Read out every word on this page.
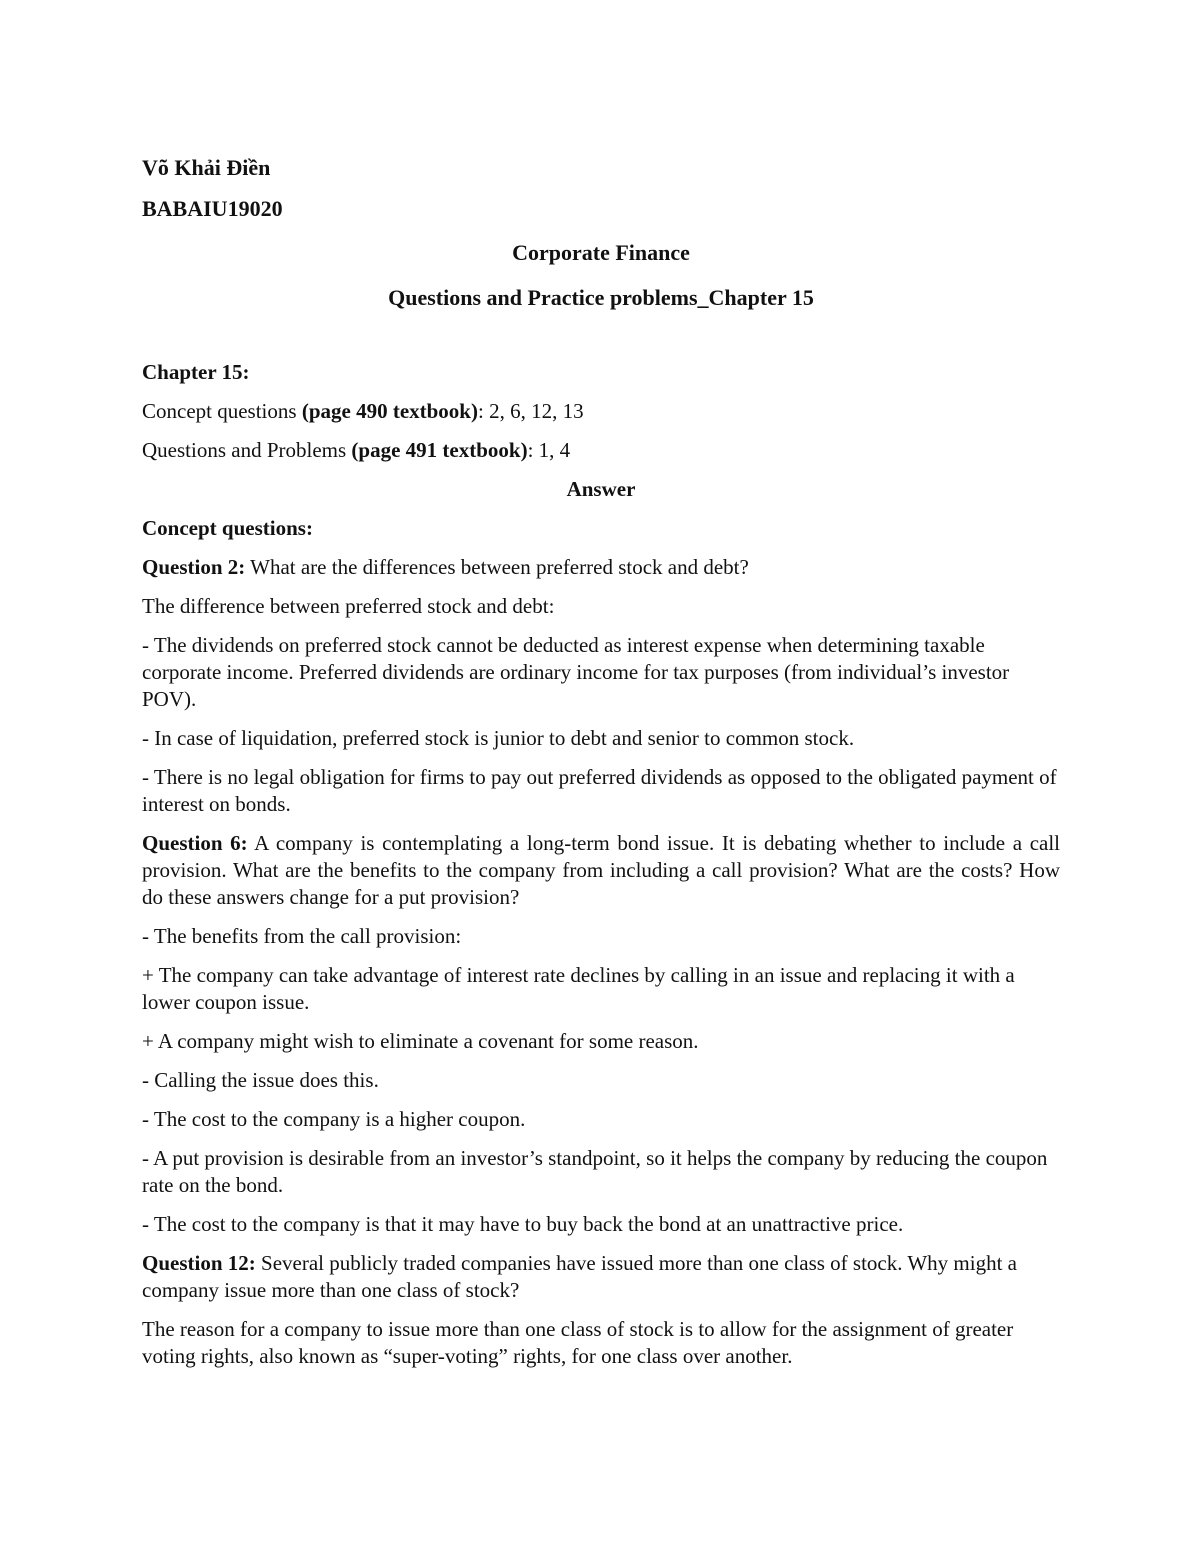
Võ Khải Điền

BABAIU19020

Corporate Finance

Questions and Practice problems_Chapter 15

Chapter 15:

Concept questions (page 490 textbook): 2, 6, 12, 13

Questions and Problems (page 491 textbook): 1, 4

Answer

Concept questions:

Question 2: What are the differences between preferred stock and debt?

The difference between preferred stock and debt:

- The dividends on preferred stock cannot be deducted as interest expense when determining taxable corporate income. Preferred dividends are ordinary income for tax purposes (from individual’s investor POV).

- In case of liquidation, preferred stock is junior to debt and senior to common stock.

- There is no legal obligation for firms to pay out preferred dividends as opposed to the obligated payment of interest on bonds.

Question 6: A company is contemplating a long-term bond issue. It is debating whether to include a call provision. What are the benefits to the company from including a call provision? What are the costs? How do these answers change for a put provision?

- The benefits from the call provision:

+ The company can take advantage of interest rate declines by calling in an issue and replacing it with a lower coupon issue.

+ A company might wish to eliminate a covenant for some reason.

- Calling the issue does this.

- The cost to the company is a higher coupon.

- A put provision is desirable from an investor’s standpoint, so it helps the company by reducing the coupon rate on the bond.

- The cost to the company is that it may have to buy back the bond at an unattractive price.

Question 12: Several publicly traded companies have issued more than one class of stock. Why might a company issue more than one class of stock?

The reason for a company to issue more than one class of stock is to allow for the assignment of greater voting rights, also known as “super-voting” rights, for one class over another.
